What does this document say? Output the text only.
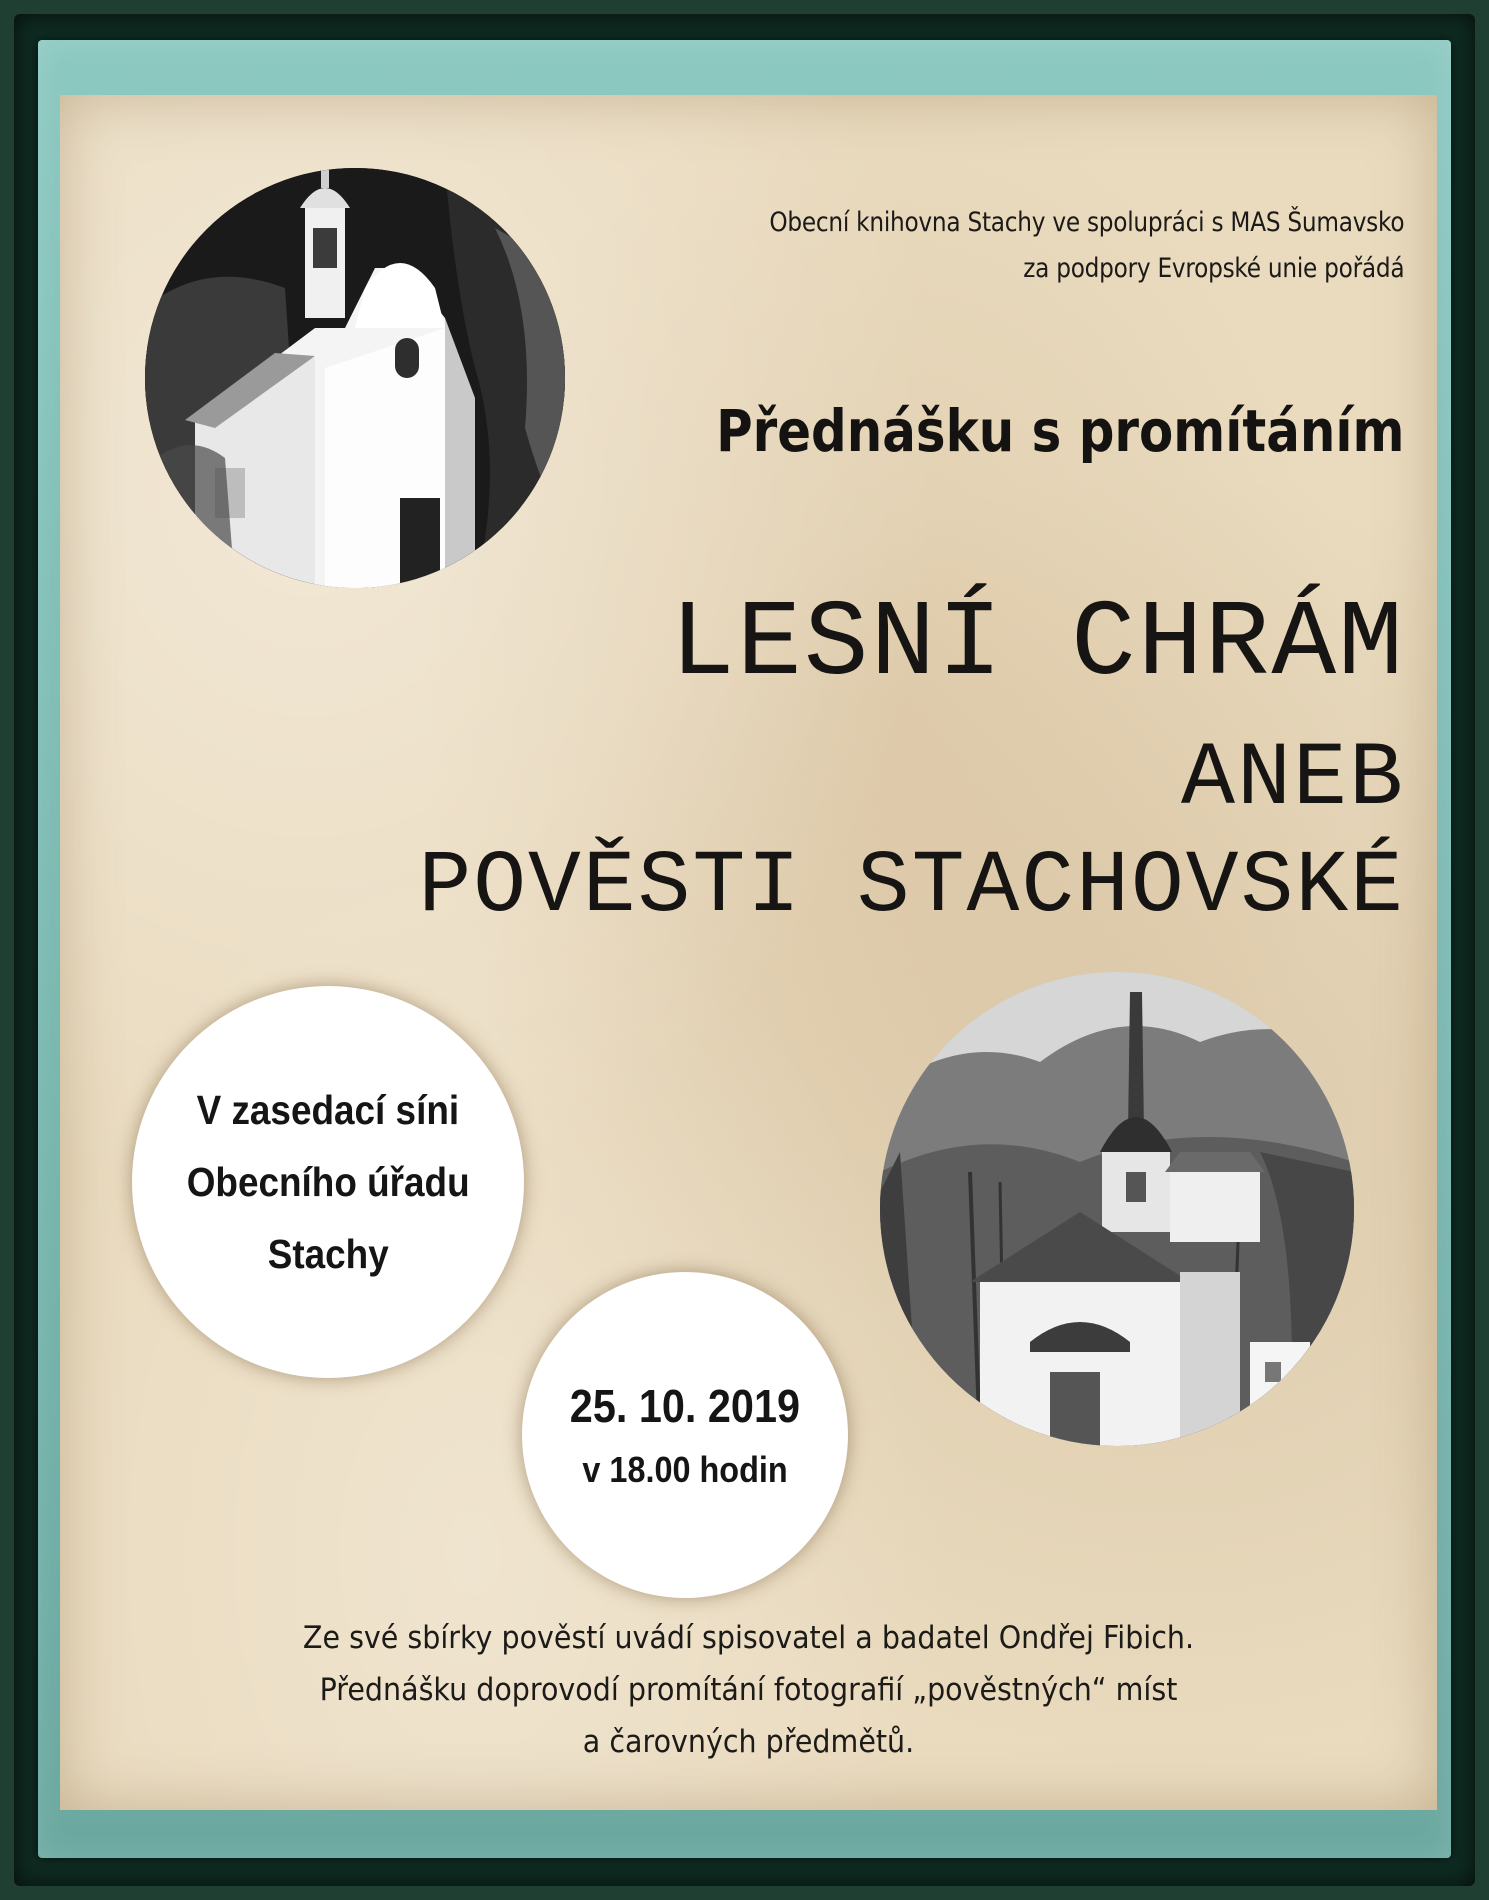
Obecní knihovna Stachy ve spolupráci s MAS Šumavsko
za podpory Evropské unie pořádá
Přednášku s promítáním
LESNÍ CHRÁM
ANEB
POVĚSTI STACHOVSKÉ
V zasedací síni
Obecního úřadu
Stachy
25. 10. 2019
v 18.00 hodin
Ze své sbírky pověstí uvádí spisovatel a badatel Ondřej Fibich.
Přednášku doprovodí promítání fotografií „pověstných“ míst
a čarovných předmětů.
